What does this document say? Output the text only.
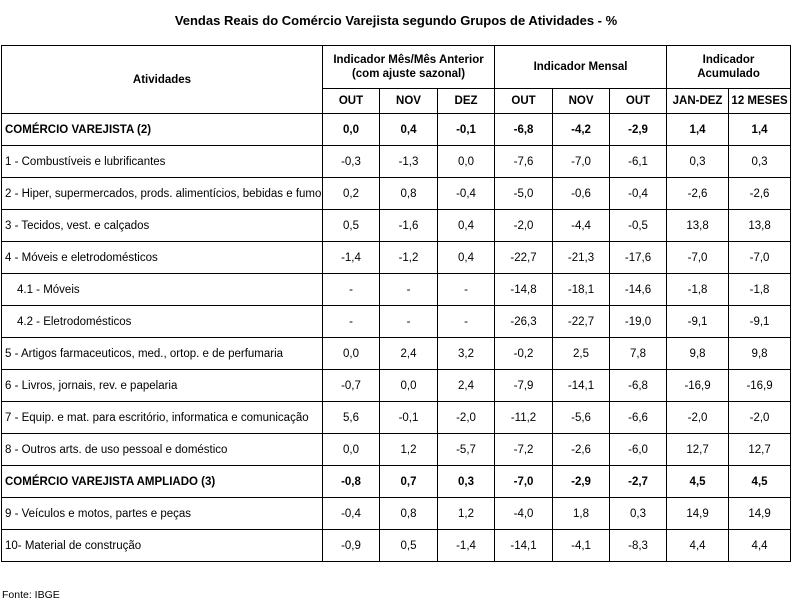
Vendas Reais do Comércio Varejista segundo Grupos de Atividades - %
Atividades	Indicador Mês/Mês Anterior
(com ajuste sazonal)			Indicador Mensal			Indicador
Acumulado	
	OUT	NOV	DEZ	OUT	NOV	OUT	JAN-DEZ	12 MESES
COMÉRCIO VAREJISTA (2)	0,0	0,4	-0,1	-6,8	-4,2	-2,9	1,4	1,4
1 - Combustíveis e lubrificantes	-0,3	-1,3	0,0	-7,6	-7,0	-6,1	0,3	0,3
2 - Hiper, supermercados, prods. alimentícios, bebidas e fumo	0,2	0,8	-0,4	-5,0	-0,6	-0,4	-2,6	-2,6
3 - Tecidos, vest. e calçados	0,5	-1,6	0,4	-2,0	-4,4	-0,5	13,8	13,8
4 - Móveis e eletrodomésticos	-1,4	-1,2	0,4	-22,7	-21,3	-17,6	-7,0	-7,0
4.1 - Móveis	-	-	-	-14,8	-18,1	-14,6	-1,8	-1,8
4.2 - Eletrodomésticos	-	-	-	-26,3	-22,7	-19,0	-9,1	-9,1
5 - Artigos farmaceuticos, med., ortop. e de perfumaria	0,0	2,4	3,2	-0,2	2,5	7,8	9,8	9,8
6 - Livros, jornais, rev. e papelaria	-0,7	0,0	2,4	-7,9	-14,1	-6,8	-16,9	-16,9
7 - Equip. e mat. para escritório, informatica e comunicação	5,6	-0,1	-2,0	-11,2	-5,6	-6,6	-2,0	-2,0
8 - Outros arts. de uso pessoal e doméstico	0,0	1,2	-5,7	-7,2	-2,6	-6,0	12,7	12,7
COMÉRCIO VAREJISTA AMPLIADO (3)	-0,8	0,7	0,3	-7,0	-2,9	-2,7	4,5	4,5
9 - Veículos e motos, partes e peças	-0,4	0,8	1,2	-4,0	1,8	0,3	14,9	14,9
10- Material de construção	-0,9	0,5	-1,4	-14,1	-4,1	-8,3	4,4	4,4
Fonte: IBGE
